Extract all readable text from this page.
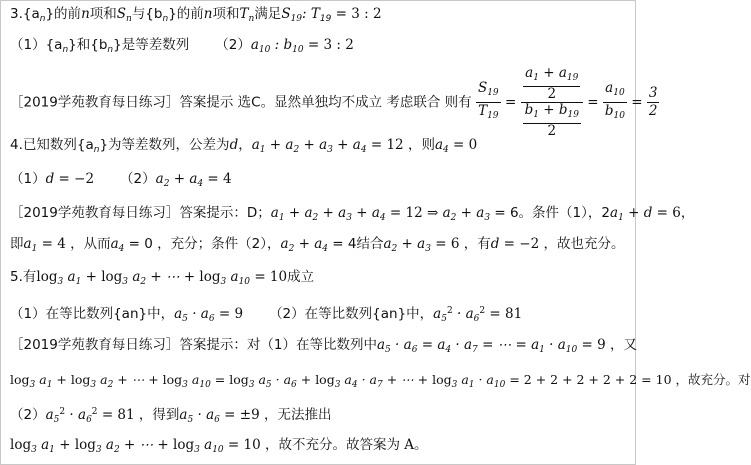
$3.\{a_n\}$的前n项和$S_n$与$\{b_n\}$的前n项和$T_n$满足$S_{19}$: $T_{19} = 3$ : 2
$(1)\{a_n\}$和$\{b_n\}$是等差数列 $(2)a_{10}$ : $b_{10} = 3$ : 2
［2019学苑教育每日练习］答案提示 选C。显然单独均不成立 考虑联合 则有 $\frac{S_{19}}{T_{19}} = \frac{\frac{a_1 + a_{19}}{2}}{\frac{b_1 + b_{19}}{2}} = \frac{a_{10}}{b_{10}} = \frac{3}{2}$
4.已知数列$\{a_n\}$为等差数列，公差为d，$a_1 + a_2 + a_3 + a_4 = 12$ ，则$a_4 = 0$
（1）d = −2 $(2)a_2 + a_4 = 4$
［2019学苑教育每日练习］答案提示：D；$a_1 + a_2 + a_3 + a_4 = 12$ ⇒ $a_2 + a_3 = 6$。条件（1），$2a_1 + d = 6$，
即$a_1 = 4$ ，从而$a_4 = 0$ ，充分；条件（2），$a_2 + a_4 = 4$结合$a_2 + a_3 = 6$ ，有d = −2 ，故也充分。
5.有$\log_3 a_1 + \log_3 a_2$ + ⋯ + $\log_3 a_{10} = 10$成立
（1）在等比数列{an}中，$a_5 \cdot a_6 = 9$ （2）在等比数列{an}中，$a_5^2 \cdot a_6^2 = 81$
［2019学苑教育每日练习］答案提示：对（1）在等比数列中$a_5 \cdot a_6 = a_4 \cdot a_7$ = ⋯ = $a_1 \cdot a_{10} = 9$ ，又
$\log_3 a_1 + \log_3 a_2$ + ⋯ + $\log_3 a_{10} = \log_3 a_5 \cdot a_6 + \log_3 a_4 \cdot a_7$ + ⋯ + $\log_3 a_1 \cdot a_{10} = 2 + 2 + 2 + 2 + 2 = 10$ ，故充分。对
$(2)a_5^2 \cdot a_6^2 = 81$ ，得到$a_5 \cdot a_6 = \pm 9$ ，无法推出
$\log_3 a_1 + \log_3 a_2$ + ⋯ + $\log_3 a_{10} = 10$ ，故不充分。故答案为 A。
